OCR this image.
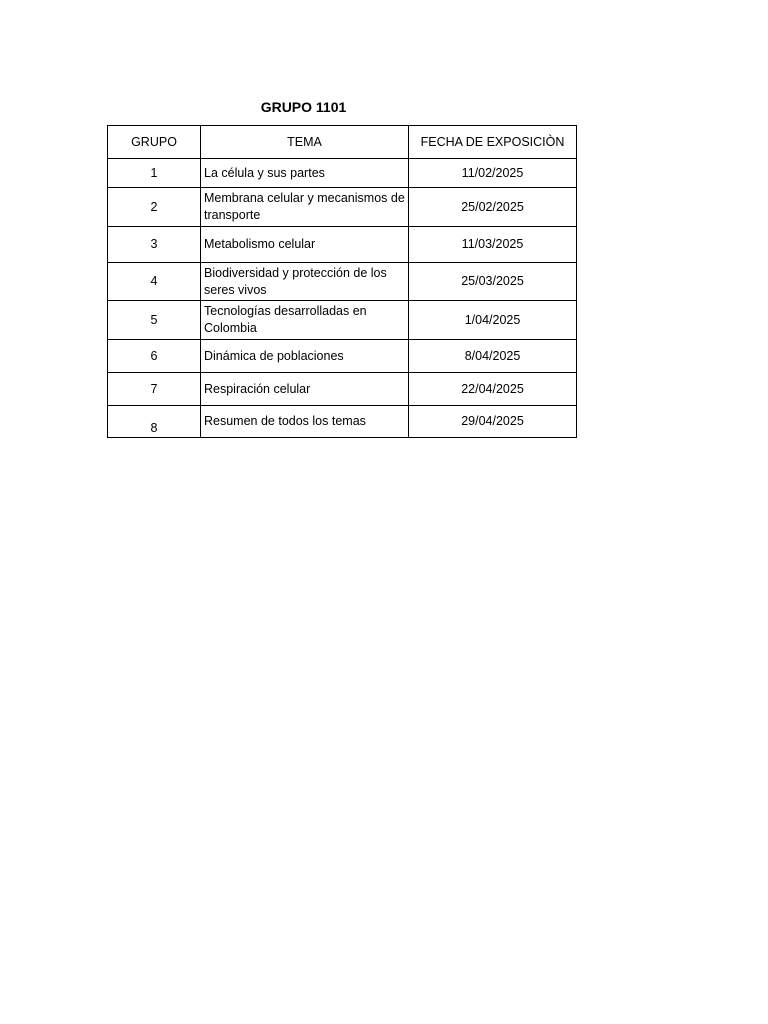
GRUPO 1101
GRUPO	TEMA	FECHA DE EXPOSICIÒN
1	La célula y sus partes	11/02/2025
2	Membrana celular y mecanismos de transporte	25/02/2025
3	Metabolismo celular	11/03/2025
4	Biodiversidad y protección de los seres vivos	25/03/2025
5	Tecnologías desarrolladas en Colombia	1/04/2025
6	Dinámica de poblaciones	8/04/2025
7	Respiración celular	22/04/2025
8	Resumen de todos los temas	29/04/2025
